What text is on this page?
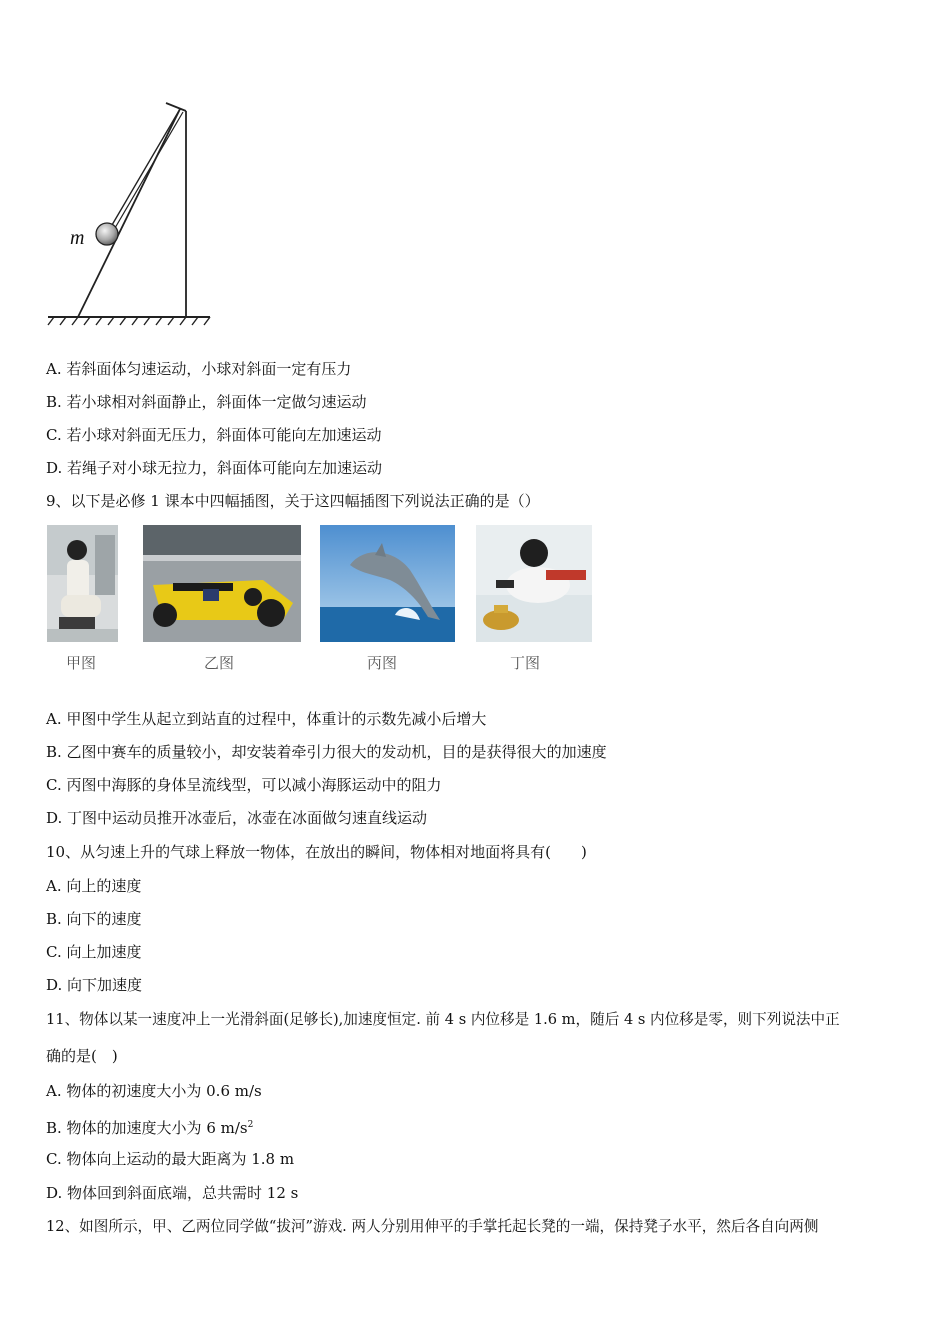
m
A. 若斜面体匀速运动，小球对斜面一定有压力
B. 若小球相对斜面静止，斜面体一定做匀速运动
C. 若小球对斜面无压力，斜面体可能向左加速运动
D. 若绳子对小球无拉力，斜面体可能向左加速运动
9、以下是必修 1 课本中四幅插图，关于这四幅插图下列说法正确的是（）
甲图	乙图	丙图	丁图
A. 甲图中学生从起立到站直的过程中，体重计的示数先减小后增大
B. 乙图中赛车的质量较小，却安装着牵引力很大的发动机，目的是获得很大的加速度
C. 丙图中海豚的身体呈流线型，可以减小海豚运动中的阻力
D. 丁图中运动员推开冰壶后，冰壶在冰面做匀速直线运动
10、从匀速上升的气球上释放一物体，在放出的瞬间，物体相对地面将具有(　　)
A. 向上的速度
B. 向下的速度
C. 向上加速度
D. 向下加速度
11、物体以某一速度冲上一光滑斜面(足够长),加速度恒定. 前 4 s 内位移是 1.6 m，随后 4 s 内位移是零，则下列说法中正
确的是(　)
A. 物体的初速度大小为 0.6 m/s
B. 物体的加速度大小为 6 $m/s^2$
C. 物体向上运动的最大距离为 1.8 m
D. 物体回到斜面底端，总共需时 12 s
12、如图所示，甲、乙两位同学做“拔河”游戏. 两人分别用伸平的手掌托起长凳的一端，保持凳子水平，然后各自向两侧
